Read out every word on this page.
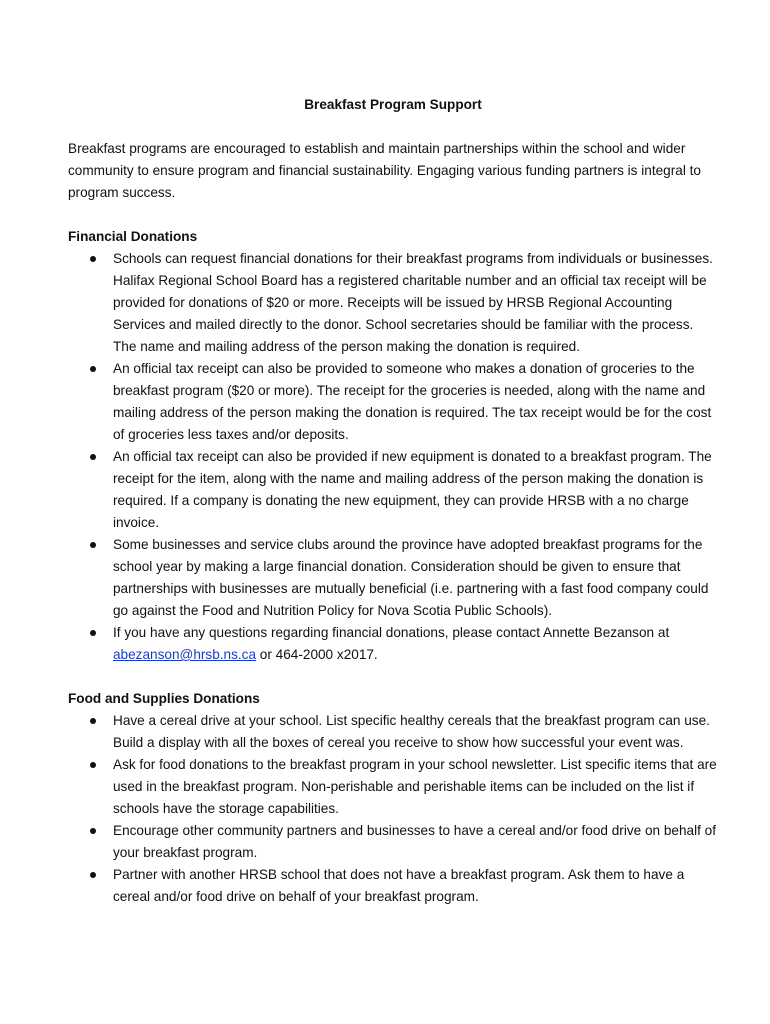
Breakfast Program Support

Breakfast programs are encouraged to establish and maintain partnerships within the school and wider community to ensure program and financial sustainability. Engaging various funding partners is integral to program success.

Financial Donations

Schools can request financial donations for their breakfast programs from individuals or businesses. Halifax Regional School Board has a registered charitable number and an official tax receipt will be provided for donations of $20 or more. Receipts will be issued by HRSB Regional Accounting Services and mailed directly to the donor. School secretaries should be familiar with the process. The name and mailing address of the person making the donation is required.
An official tax receipt can also be provided to someone who makes a donation of groceries to the breakfast program ($20 or more). The receipt for the groceries is needed, along with the name and mailing address of the person making the donation is required. The tax receipt would be for the cost of groceries less taxes and/or deposits.
An official tax receipt can also be provided if new equipment is donated to a breakfast program. The receipt for the item, along with the name and mailing address of the person making the donation is required. If a company is donating the new equipment, they can provide HRSB with a no charge invoice.
Some businesses and service clubs around the province have adopted breakfast programs for the school year by making a large financial donation. Consideration should be given to ensure that partnerships with businesses are mutually beneficial (i.e. partnering with a fast food company could go against the Food and Nutrition Policy for Nova Scotia Public Schools).
If you have any questions regarding financial donations, please contact Annette Bezanson at abezanson@hrsb.ns.ca or 464-2000 x2017.

Food and Supplies Donations

Have a cereal drive at your school. List specific healthy cereals that the breakfast program can use. Build a display with all the boxes of cereal you receive to show how successful your event was.
Ask for food donations to the breakfast program in your school newsletter. List specific items that are used in the breakfast program. Non-perishable and perishable items can be included on the list if schools have the storage capabilities.
Encourage other community partners and businesses to have a cereal and/or food drive on behalf of your breakfast program.
Partner with another HRSB school that does not have a breakfast program. Ask them to have a cereal and/or food drive on behalf of your breakfast program.
